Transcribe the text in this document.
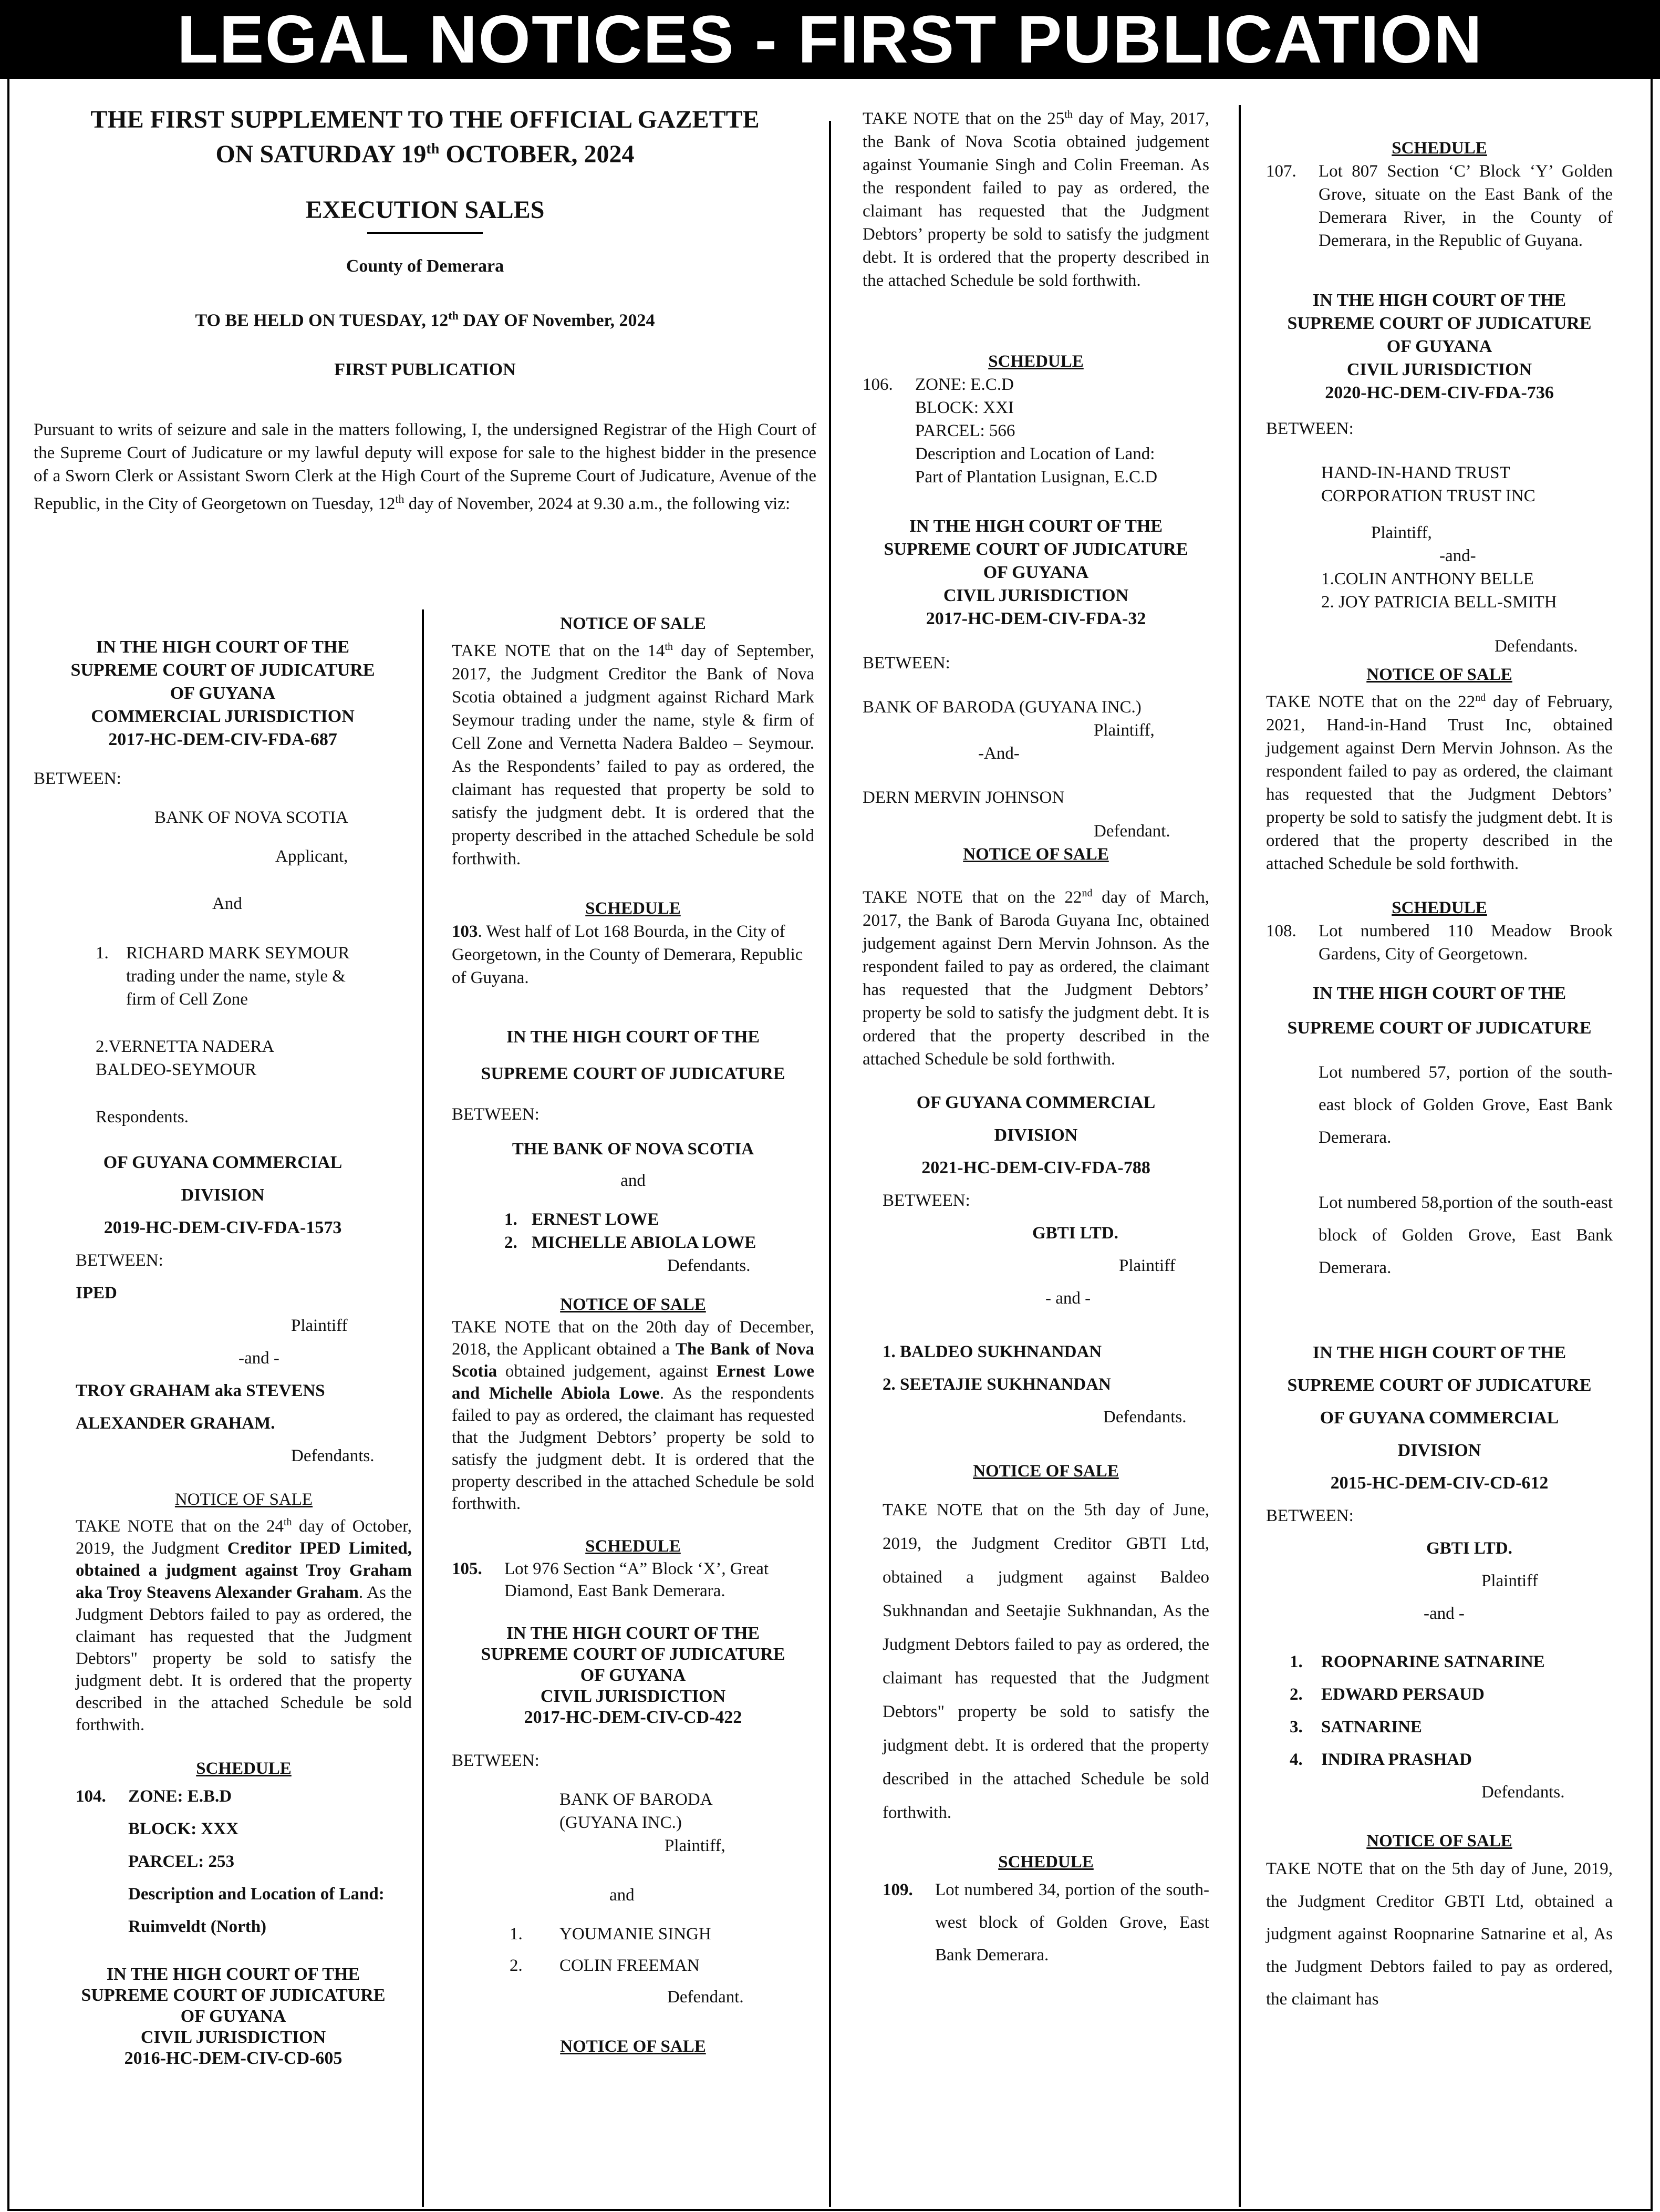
LEGAL NOTICES - FIRST PUBLICATION
THE FIRST SUPPLEMENT TO THE OFFICIAL GAZETTE
ON SATURDAY 19th OCTOBER, 2024
EXECUTION SALES
County of Demerara
TO BE HELD ON TUESDAY, 12th DAY OF November, 2024
FIRST PUBLICATION

Pursuant to writs of seizure and sale in the matters following, I, the undersigned Registrar of the High Court of the Supreme Court of Judicature or my lawful deputy will expose for sale to the highest bidder in the presence of a Sworn Clerk or Assistant Sworn Clerk at the High Court of the Supreme Court of Judicature, Avenue of the Republic, in the City of Georgetown on Tuesday, 12th day of November, 2024 at 9.30 a.m., the following viz:

IN THE HIGH COURT OF THE
SUPREME COURT OF JUDICATURE
OF GUYANA
COMMERCIAL JURISDICTION
2017-HC-DEM-CIV-FDA-687

BETWEEN:

BANK OF NOVA SCOTIA

Applicant,

And

1.	RICHARD MARK SEYMOUR
trading under the name, style &
firm of Cell Zone
2.VERNETTA NADERA
BALDEO-SEYMOUR

Respondents.

OF GUYANA COMMERCIAL
DIVISION
2019-HC-DEM-CIV-FDA-1573
BETWEEN:
IPED
Plaintiff
-and -
TROY GRAHAM aka STEVENS
ALEXANDER GRAHAM.
Defendants.
NOTICE OF SALE

TAKE NOTE that on the 24th day of October, 2019, the Judgment Creditor IPED Limited, obtained a judgment against Troy Graham aka Troy Steavens Alexander Graham. As the Judgment Debtors failed to pay as ordered, the claimant has requested that the Judgment Debtors" property be sold to satisfy the judgment debt. It is ordered that the property described in the attached Schedule be sold forthwith.

SCHEDULE
104.	ZONE: E.B.D
BLOCK: XXX
PARCEL: 253
Description and Location of Land:
Ruimveldt (North)
IN THE HIGH COURT OF THE
SUPREME COURT OF JUDICATURE
OF GUYANA
CIVIL JURISDICTION
2016-HC-DEM-CIV-CD-605
NOTICE OF SALE

TAKE NOTE that on the 14th day of September, 2017, the Judgment Creditor the Bank of Nova Scotia obtained a judgment against Richard Mark Seymour trading under the name, style & firm of Cell Zone and Vernetta Nadera Baldeo – Seymour. As the Respondents’ failed to pay as ordered, the claimant has requested that property be sold to satisfy the judgment debt. It is ordered that the property described in the attached Schedule be sold forthwith.

SCHEDULE

103. West half of Lot 168 Bourda, in the City of Georgetown, in the County of Demerara, Republic of Guyana.

IN THE HIGH COURT OF THE
SUPREME COURT OF JUDICATURE

BETWEEN:

THE BANK OF NOVA SCOTIA

and

1. ERNEST LOWE
2. MICHELLE ABIOLA LOWE

Defendants.

NOTICE OF SALE

TAKE NOTE that on the 20th day of December, 2018, the Applicant obtained a The Bank of Nova Scotia obtained judgement, against Ernest Lowe and Michelle Abiola Lowe. As the respondents failed to pay as ordered, the claimant has requested that the Judgment Debtors’ property be sold to satisfy the judgment debt. It is ordered that the property described in the attached Schedule be sold forthwith.

SCHEDULE
105.	Lot 976 Section “A” Block ‘X’, Great Diamond, East Bank Demerara.
IN THE HIGH COURT OF THE
SUPREME COURT OF JUDICATURE
OF GUYANA
CIVIL JURISDICTION
2017-HC-DEM-CIV-CD-422

BETWEEN:

BANK OF BARODA
(GUYANA INC.)
Plaintiff,

and

1.	YOUMANIE SINGH
2.	COLIN FREEMAN

Defendant.

NOTICE OF SALE

TAKE NOTE that on the 25th day of May, 2017, the Bank of Nova Scotia obtained judgement against Youmanie Singh and Colin Freeman. As the respondent failed to pay as ordered, the claimant has requested that the Judgment Debtors’ property be sold to satisfy the judgment debt. It is ordered that the property described in the attached Schedule be sold forthwith.

SCHEDULE
106.	ZONE: E.C.D
BLOCK: XXI
PARCEL: 566
Description and Location of Land:
Part of Plantation Lusignan, E.C.D
IN THE HIGH COURT OF THE
SUPREME COURT OF JUDICATURE
OF GUYANA
CIVIL JURISDICTION
2017-HC-DEM-CIV-FDA-32

BETWEEN:

BANK OF BARODA (GUYANA INC.)

Plaintiff,

-And-

DERN MERVIN JOHNSON

Defendant.

NOTICE OF SALE

TAKE NOTE that on the 22nd day of March, 2017, the Bank of Baroda Guyana Inc, obtained judgement against Dern Mervin Johnson. As the respondent failed to pay as ordered, the claimant has requested that the Judgment Debtors’ property be sold to satisfy the judgment debt. It is ordered that the property described in the attached Schedule be sold forthwith.

OF GUYANA COMMERCIAL
DIVISION
2021-HC-DEM-CIV-FDA-788
BETWEEN:
GBTI LTD.
Plaintiff
- and -
1. BALDEO SUKHNANDAN
2. SEETAJIE SUKHNANDAN
Defendants.
NOTICE OF SALE

TAKE NOTE that on the 5th day of June, 2019, the Judgment Creditor GBTI Ltd, obtained a judgment against Baldeo Sukhnandan and Seetajie Sukhnandan, As the Judgment Debtors failed to pay as ordered, the claimant has requested that the Judgment Debtors" property be sold to satisfy the judgment debt. It is ordered that the property described in the attached Schedule be sold forthwith.

SCHEDULE
109.	Lot numbered 34, portion of the south-west block of Golden Grove, East Bank Demerara.
SCHEDULE
107.	Lot 807 Section ‘C’ Block ‘Y’ Golden Grove, situate on the East Bank of the Demerara River, in the County of Demerara, in the Republic of Guyana.
IN THE HIGH COURT OF THE
SUPREME COURT OF JUDICATURE
OF GUYANA
CIVIL JURISDICTION
2020-HC-DEM-CIV-FDA-736

BETWEEN:

HAND-IN-HAND TRUST
CORPORATION TRUST INC

Plaintiff,

-and-

1.COLIN ANTHONY BELLE

2. JOY PATRICIA BELL-SMITH

Defendants.

NOTICE OF SALE

TAKE NOTE that on the 22nd day of February, 2021, Hand-in-Hand Trust Inc, obtained judgement against Dern Mervin Johnson. As the respondent failed to pay as ordered, the claimant has requested that the Judgment Debtors’ property be sold to satisfy the judgment debt. It is ordered that the property described in the attached Schedule be sold forthwith.

SCHEDULE
108.	Lot numbered 110 Meadow Brook Gardens, City of Georgetown.
IN THE HIGH COURT OF THE
SUPREME COURT OF JUDICATURE

Lot numbered 57, portion of the south-east block of Golden Grove, East Bank Demerara.

Lot numbered 58,portion of the south-east block of Golden Grove, East Bank Demerara.

IN THE HIGH COURT OF THE
SUPREME COURT OF JUDICATURE
OF GUYANA COMMERCIAL
DIVISION
2015-HC-DEM-CIV-CD-612
BETWEEN:
GBTI LTD.
Plaintiff
-and -
1.	ROOPNARINE SATNARINE
2.	EDWARD PERSAUD
3.	SATNARINE
4.	INDIRA PRASHAD
Defendants.
NOTICE OF SALE

TAKE NOTE that on the 5th day of June, 2019, the Judgment Creditor GBTI Ltd, obtained a judgment against Roopnarine Satnarine et al, As the Judgment Debtors failed to pay as ordered, the claimant has
